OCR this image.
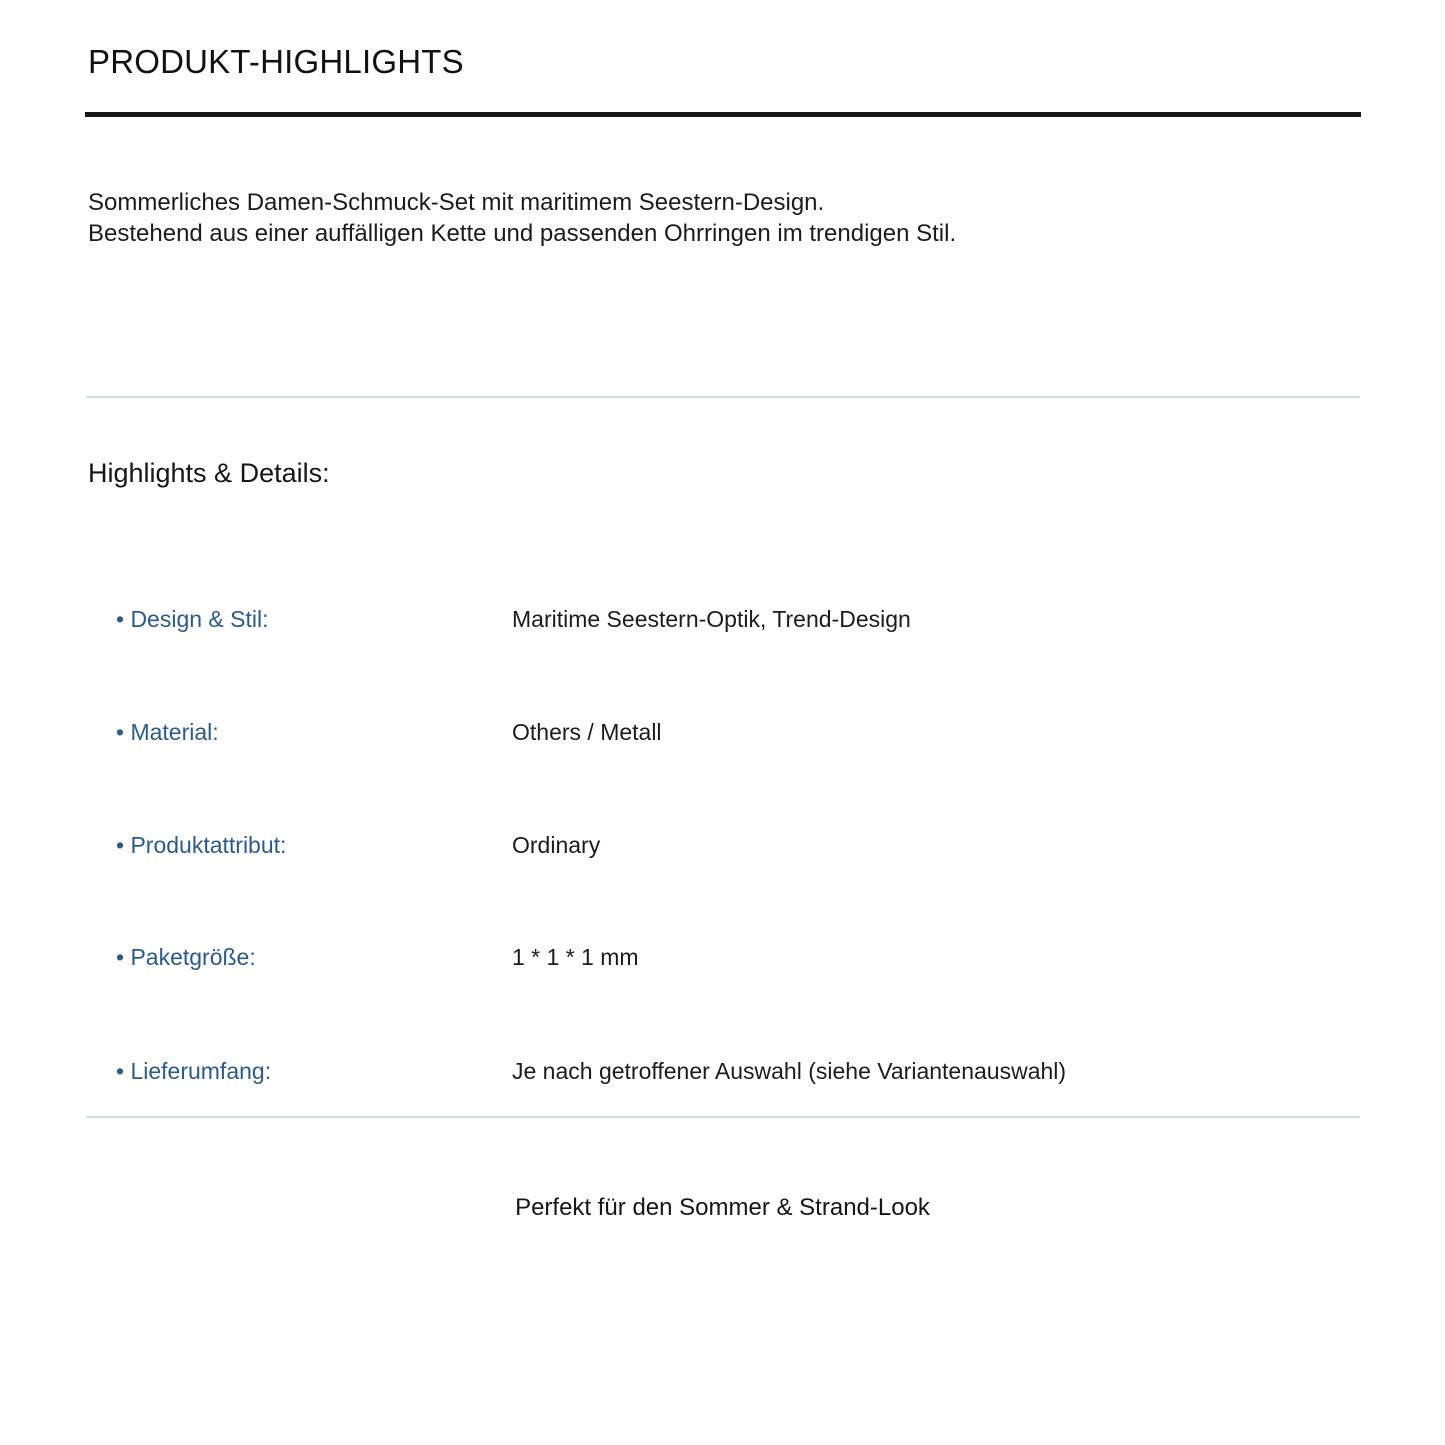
PRODUKT-HIGHLIGHTS

Sommerliches Damen-Schmuck-Set mit maritimem Seestern-Design.
Bestehend aus einer auffälligen Kette und passenden Ohrringen im trendigen Stil.

Highlights & Details:
• Design & Stil:	Maritime Seestern-Optik, Trend-Design
• Material:	Others / Metall
• Produktattribut:	Ordinary
• Paketgröße:	1 * 1 * 1 mm
• Lieferumfang:	Je nach getroffener Auswahl (siehe Variantenauswahl)

Perfekt für den Sommer & Strand-Look
